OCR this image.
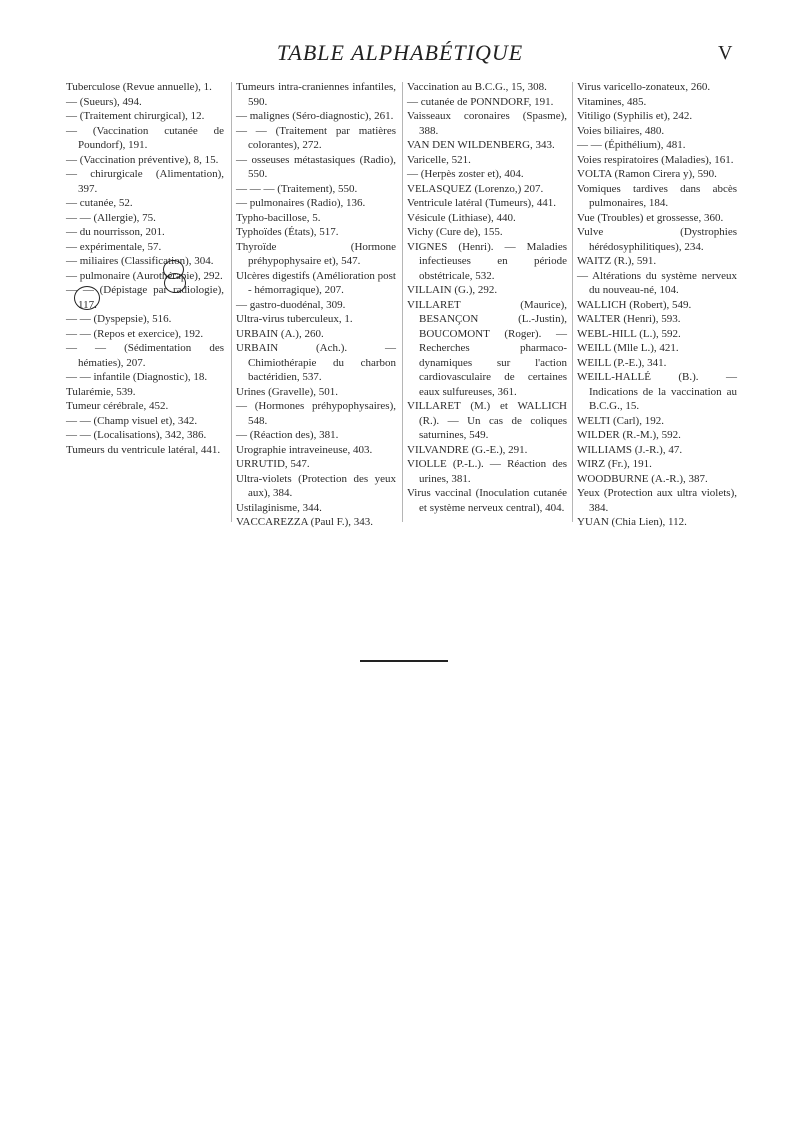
TABLE ALPHABÉTIQUE	V
Tuberculose (Revue annuelle), 1.
— (Sueurs), 494.
— (Traitement chirurgical), 12.
— (Vaccination cutanée de Poundorf), 191.
— (Vaccination préventive), 8, 15.
— chirurgicale (Alimentation), 397.
— cutanée, 52.
— — (Allergie), 75.
— du nourrisson, 201.
— expérimentale, 57.
— miliaires (Classification), 304.
— pulmonaire (Aurothérapie), 292.
— — (Dépistage par radiologie), 117.
— — (Dyspepsie), 516.
— — (Repos et exercice), 192.
— — (Sédimentation des hématies), 207.
— — infantile (Diagnostic), 18.
Tularémie, 539.
Tumeur cérébrale, 452.
— — (Champ visuel et), 342.
— — (Localisations), 342, 386.
Tumeurs du ventricule latéral, 441.
Tumeurs intra-craniennes infantiles, 590.
— malignes (Séro-diagnostic), 261.
— — (Traitement par matières colorantes), 272.
— osseuses métastasiques (Radio), 550.
— — — (Traitement), 550.
— pulmonaires (Radio), 136.
Typho-bacillose, 5.
Typhoïdes (États), 517.
Thyroïde (Hormone préhypophysaire et), 547.
Ulcères digestifs (Amélioration post - hémorragique), 207.
— gastro-duodénal, 309.
Ultra-virus tuberculeux, 1.
URBAIN (A.), 260.
URBAIN (Ach.). — Chimiothérapie du charbon bactéridien, 537.
Urines (Gravelle), 501.
— (Hormones préhypophysaires), 548.
— (Réaction des), 381.
Urographie intraveineuse, 403.
URRUTID, 547.
Ultra-violets (Protection des yeux aux), 384.
Ustilaginisme, 344.
VACCAREZZA (Paul F.), 343.
Vaccination au B.C.G., 15, 308.
— cutanée de PONNDORF, 191.
Vaisseaux coronaires (Spasme), 388.
VAN DEN WILDENBERG, 343.
Varicelle, 521.
— (Herpès zoster et), 404.
VELASQUEZ (Lorenzo,) 207.
Ventricule latéral (Tumeurs), 441.
Vésicule (Lithiase), 440.
Vichy (Cure de), 155.
VIGNES (Henri). — Maladies infectieuses en période obstétricale, 532.
VILLAIN (G.), 292.
VILLARET (Maurice), BESANÇON (L.-Justin), BOUCOMONT (Roger). — Recherches pharmaco-dynamiques sur l'action cardiovasculaire de certaines eaux sulfureuses, 361.
VILLARET (M.) et WALLICH (R.). — Un cas de coliques saturnines, 549.
VILVANDRE (G.-E.), 291.
VIOLLE (P.-L.). — Réaction des urines, 381.
Virus vaccinal (Inoculation cutanée et système nerveux central), 404.
Virus varicello-zonateux, 260.
Vitamines, 485.
Vitiligo (Syphilis et), 242.
Voies biliaires, 480.
— — (Épithélium), 481.
Voies respiratoires (Maladies), 161.
VOLTA (Ramon Cirera y), 590.
Vomiques tardives dans abcès pulmonaires, 184.
Vue (Troubles) et grossesse, 360.
Vulve (Dystrophies hérédosyphilitiques), 234.
WAITZ (R.), 591.
— Altérations du système nerveux du nouveau-né, 104.
WALLICH (Robert), 549.
WALTER (Henri), 593.
WEBL-HILL (L.), 592.
WEILL (Mlle L.), 421.
WEILL (P.-E.), 341.
WEILL-HALLÉ (B.). — Indications de la vaccination au B.C.G., 15.
WELTI (Carl), 192.
WILDER (R.-M.), 592.
WILLIAMS (J.-R.), 47.
WIRZ (Fr.), 191.
WOODBURNE (A.-R.), 387.
Yeux (Protection aux ultra violets), 384.
YUAN (Chia Lien), 112.
